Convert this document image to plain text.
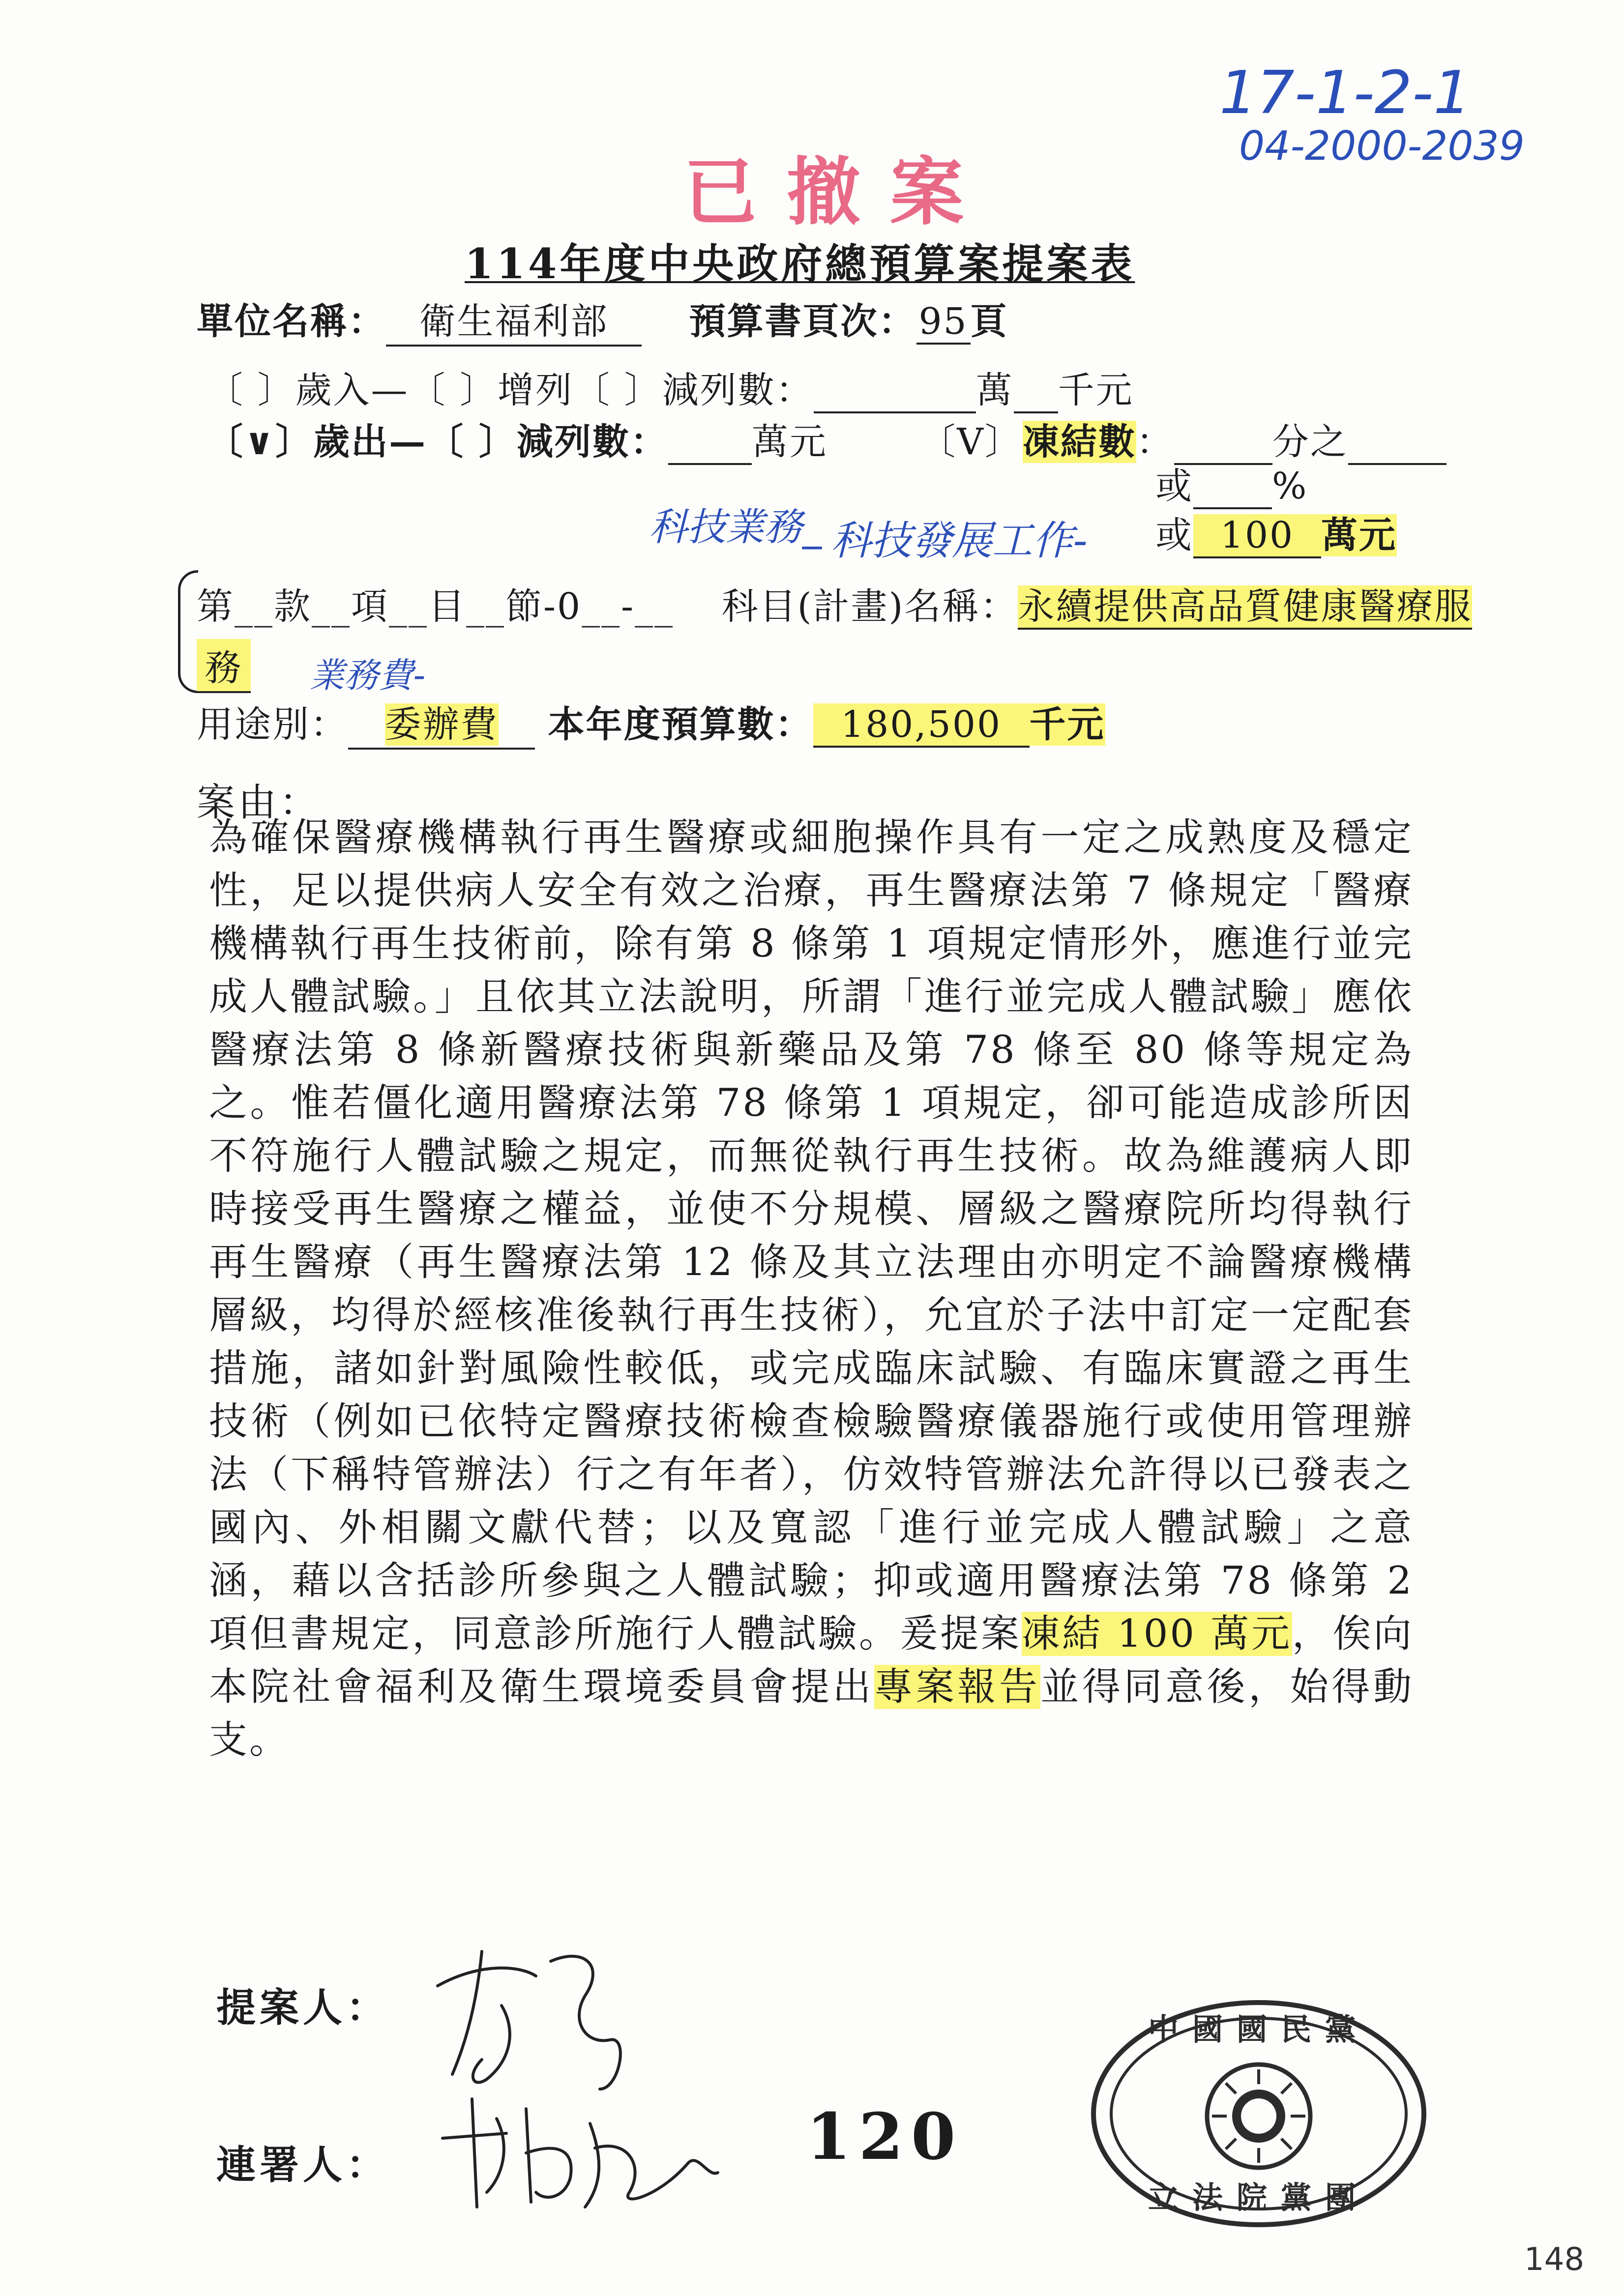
17-1-2-1
04-2000-2039
已撤案
114年度中央政府總預算案提案表
單位名稱： 衛生福利部 預算書頁次：95頁
〔 〕歲入—〔 〕增列〔 〕減列數：	萬 千元
〔∨〕歲出—〔 〕減列數： 萬元	〔V〕凍結數：	分之
或 %
科技業務_ 科技發展工作- 或 100 萬元
第__款__項__目__節-0__-__ 科目(計畫)名稱：永續提供高品質健康醫療服
務 業務費-
用途別： 委辦費 本年度預算數： 180,500 千元
案由：

為確保醫療機構執行再生醫療或細胞操作具有一定之成熟度及穩定性，足以提供病人安全有效之治療，再生醫療法第 7 條規定「醫療機構執行再生技術前，除有第 8 條第 1 項規定情形外，應進行並完成人體試驗。」且依其立法說明，所謂「進行並完成人體試驗」應依醫療法第 8 條新醫療技術與新藥品及第 78 條至 80 條等規定為之。惟若僵化適用醫療法第 78 條第 1 項規定，卻可能造成診所因不符施行人體試驗之規定，而無從執行再生技術。故為維護病人即時接受再生醫療之權益，並使不分規模、層級之醫療院所均得執行再生醫療（再生醫療法第 12 條及其立法理由亦明定不論醫療機構層級，均得於經核准後執行再生技術），允宜於子法中訂定一定配套措施，諸如針對風險性較低，或完成臨床試驗、有臨床實證之再生技術（例如已依特定醫療技術檢查檢驗醫療儀器施行或使用管理辦法（下稱特管辦法）行之有年者），仿效特管辦法允許得以已發表之國內、外相關文獻代替；以及寬認「進行並完成人體試驗」之意涵，藉以含括診所參與之人體試驗；抑或適用醫療法第 78 條第 2 項但書規定，同意診所施行人體試驗。爰提案凍結 100 萬元，俟向本院社會福利及衛生環境委員會提出專案報告並得同意後，始得動支。

提案人：
連署人：	120
中國國民黨
立法院黨團
148
